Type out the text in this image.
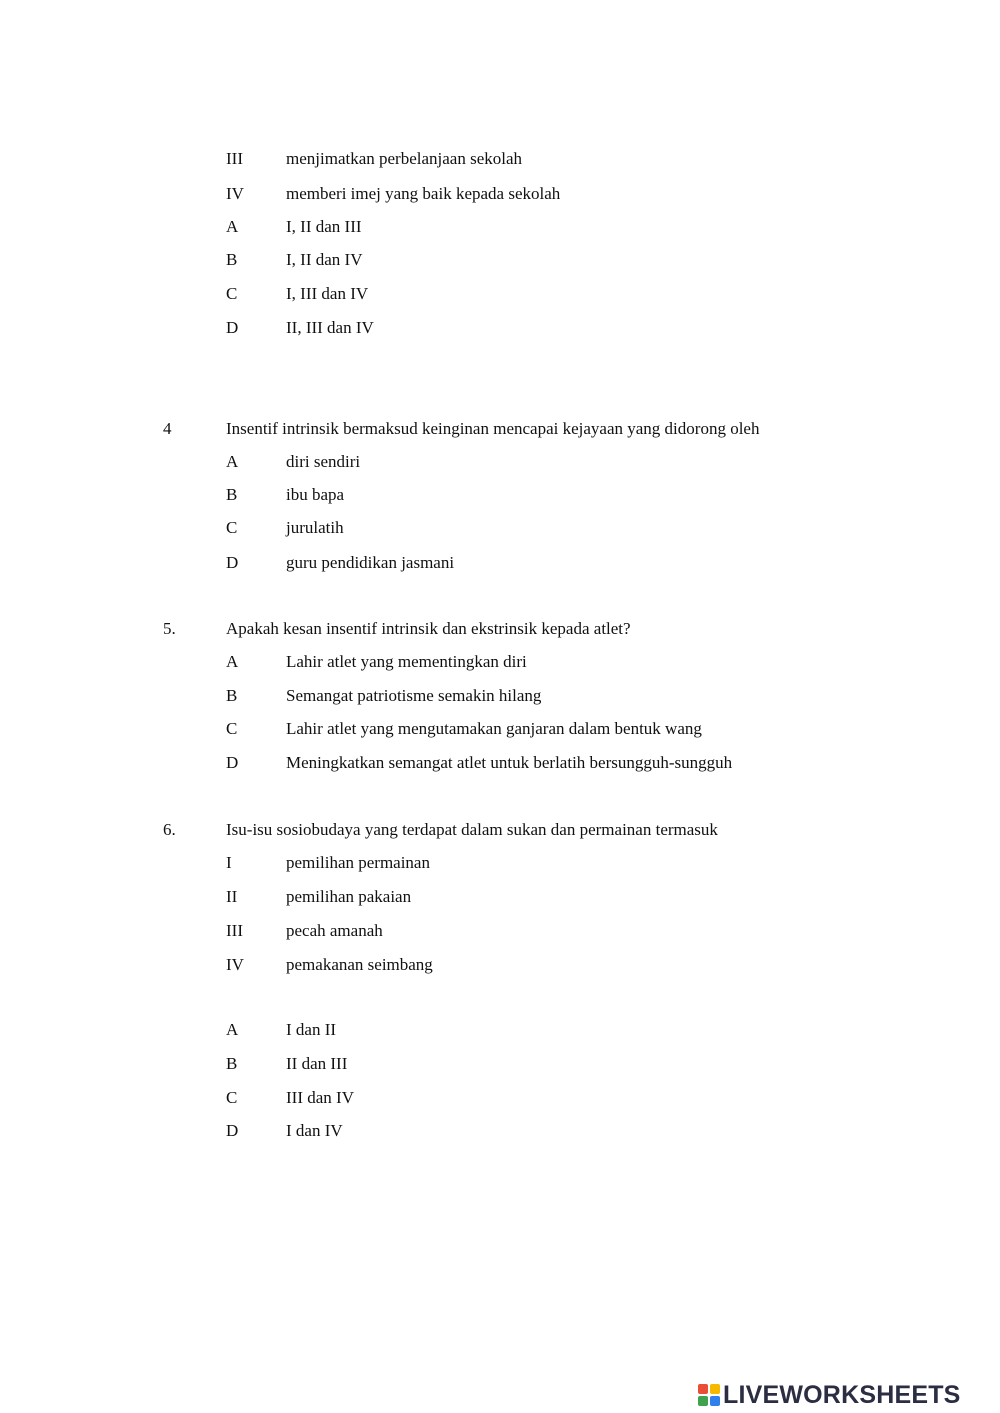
III	menjimatkan perbelanjaan sekolah
IV	memberi imej yang baik kepada sekolah
A	I, II dan III
B	I, II dan IV
C	I, III dan IV
D	II, III dan IV
4	Insentif intrinsik bermaksud keinginan mencapai kejayaan yang didorong oleh
A	diri sendiri
B	ibu bapa
C	jurulatih
D	guru pendidikan jasmani
5.	Apakah kesan insentif intrinsik dan ekstrinsik kepada atlet?
A	Lahir atlet yang mementingkan diri
B	Semangat patriotisme semakin hilang
C	Lahir atlet yang mengutamakan ganjaran dalam bentuk wang
D	Meningkatkan semangat atlet untuk berlatih bersungguh-sungguh
6.	Isu-isu sosiobudaya yang terdapat dalam sukan dan permainan termasuk
I	pemilihan permainan
II	pemilihan pakaian
III	pecah amanah
IV	pemakanan seimbang
A	I dan II
B	II dan III
C	III dan IV
D	I dan IV
LIVEWORKSHEETS
